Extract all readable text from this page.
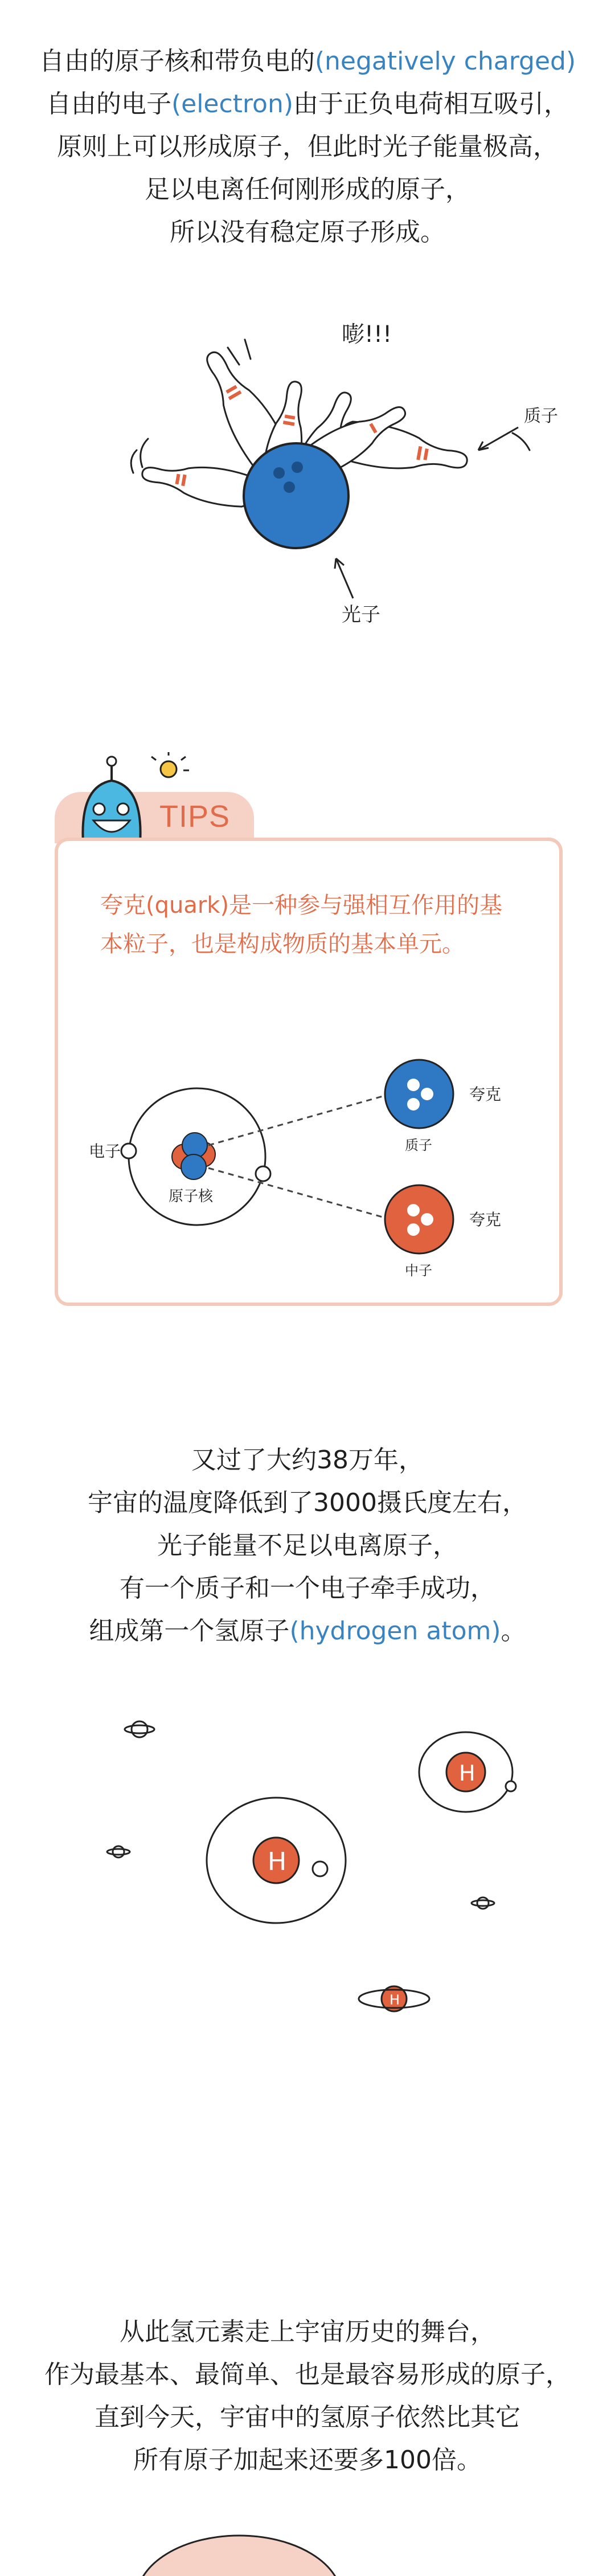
自由的原子核和带负电的(negatively charged)
自由的电子(electron)由于正负电荷相互吸引，
原则上可以形成原子，但此时光子能量极高，
足以电离任何刚形成的原子，
所以没有稳定原子形成。
嘭!!!
质子
光子
TIPS
夸克(quark)是一种参与强相互作用的基本粒子，也是构成物质的基本单元。
电子
原子核
质子
夸克
中子
夸克
又过了大约38万年，
宇宙的温度降低到了3000摄氏度左右，
光子能量不足以电离原子，
有一个质子和一个电子牵手成功，
组成第一个氢原子(hydrogen atom)。
H
H
H
从此氢元素走上宇宙历史的舞台，
作为最基本、最简单、也是最容易形成的原子，
直到今天，宇宙中的氢原子依然比其它
所有原子加起来还要多100倍。
